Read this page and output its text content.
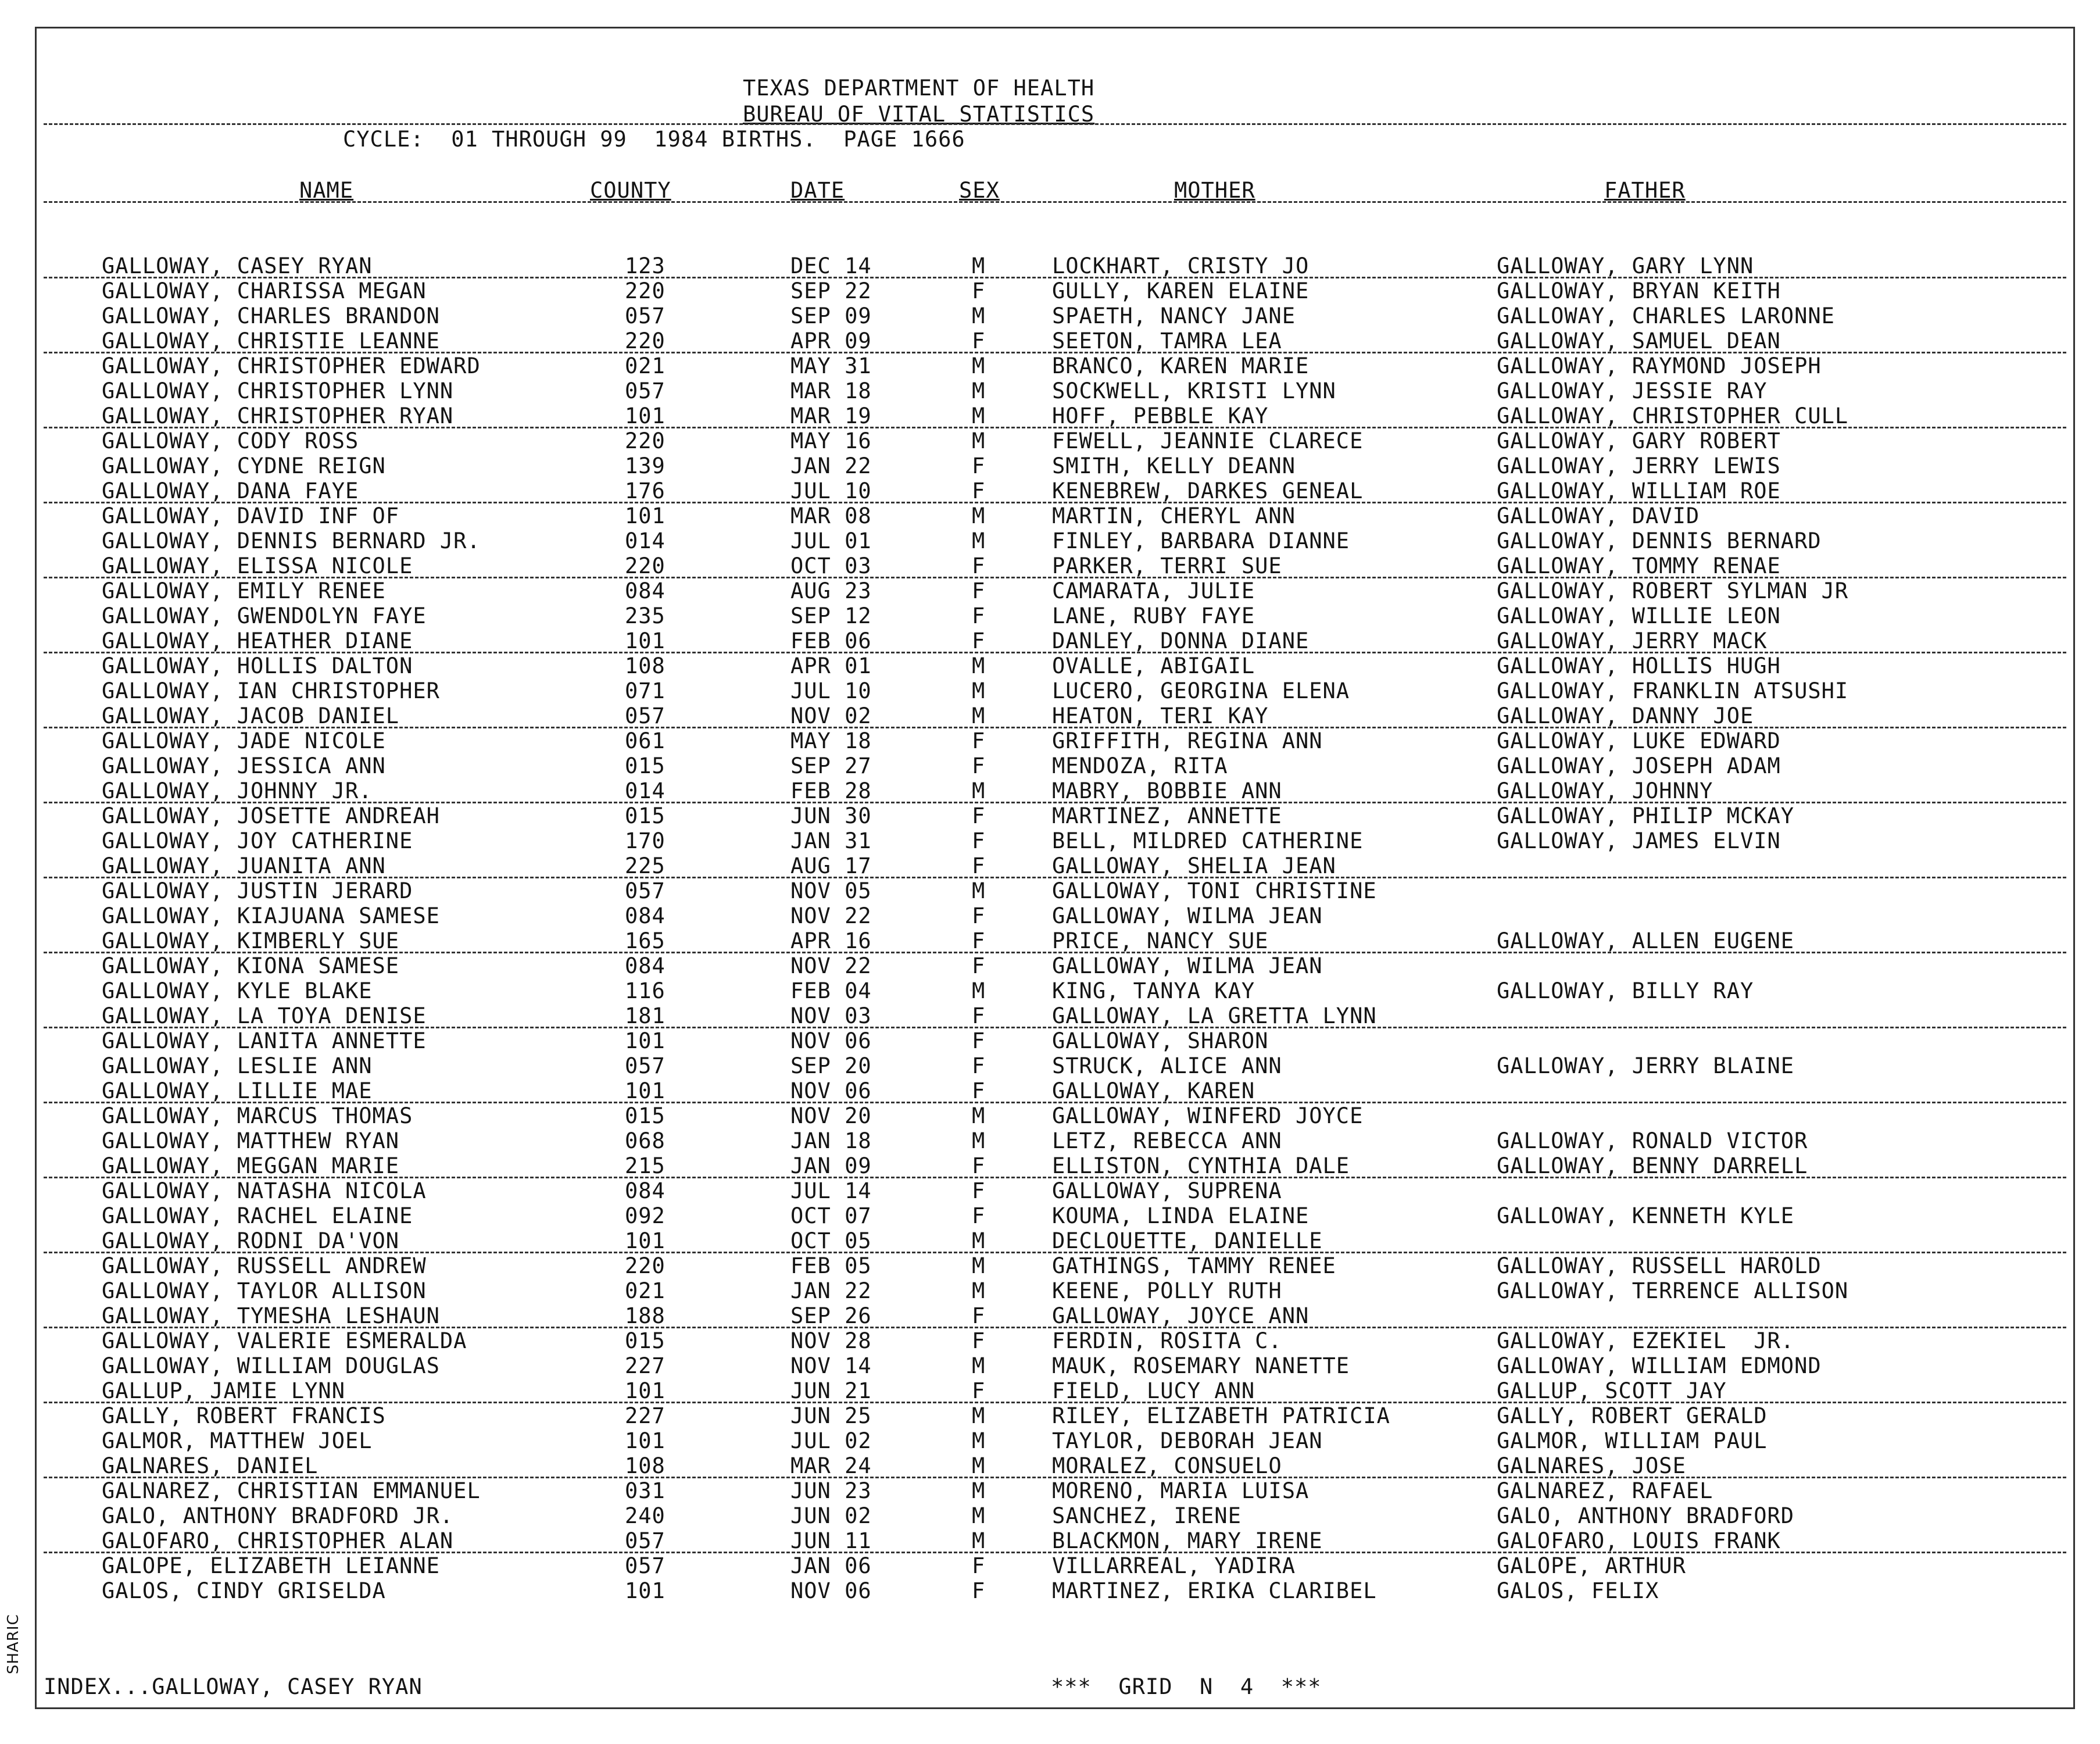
TEXAS DEPARTMENT OF HEALTH
BUREAU OF VITAL STATISTICS
CYCLE:  01 THROUGH 99  1984 BIRTHS.  PAGE 1666
NAME	COUNTY	DATE	SEX	MOTHER	FATHER
GALLOWAY, CASEY RYAN	123	DEC 14	M	LOCKHART, CRISTY JO	GALLOWAY, GARY LYNN
GALLOWAY, CHARISSA MEGAN	220	SEP 22	F	GULLY, KAREN ELAINE	GALLOWAY, BRYAN KEITH
GALLOWAY, CHARLES BRANDON	057	SEP 09	M	SPAETH, NANCY JANE	GALLOWAY, CHARLES LARONNE
GALLOWAY, CHRISTIE LEANNE	220	APR 09	F	SEETON, TAMRA LEA	GALLOWAY, SAMUEL DEAN
GALLOWAY, CHRISTOPHER EDWARD	021	MAY 31	M	BRANCO, KAREN MARIE	GALLOWAY, RAYMOND JOSEPH
GALLOWAY, CHRISTOPHER LYNN	057	MAR 18	M	SOCKWELL, KRISTI LYNN	GALLOWAY, JESSIE RAY
GALLOWAY, CHRISTOPHER RYAN	101	MAR 19	M	HOFF, PEBBLE KAY	GALLOWAY, CHRISTOPHER CULL
GALLOWAY, CODY ROSS	220	MAY 16	M	FEWELL, JEANNIE CLARECE	GALLOWAY, GARY ROBERT
GALLOWAY, CYDNE REIGN	139	JAN 22	F	SMITH, KELLY DEANN	GALLOWAY, JERRY LEWIS
GALLOWAY, DANA FAYE	176	JUL 10	F	KENEBREW, DARKES GENEAL	GALLOWAY, WILLIAM ROE
GALLOWAY, DAVID INF OF	101	MAR 08	M	MARTIN, CHERYL ANN	GALLOWAY, DAVID
GALLOWAY, DENNIS BERNARD JR.	014	JUL 01	M	FINLEY, BARBARA DIANNE	GALLOWAY, DENNIS BERNARD
GALLOWAY, ELISSA NICOLE	220	OCT 03	F	PARKER, TERRI SUE	GALLOWAY, TOMMY RENAE
GALLOWAY, EMILY RENEE	084	AUG 23	F	CAMARATA, JULIE	GALLOWAY, ROBERT SYLMAN JR
GALLOWAY, GWENDOLYN FAYE	235	SEP 12	F	LANE, RUBY FAYE	GALLOWAY, WILLIE LEON
GALLOWAY, HEATHER DIANE	101	FEB 06	F	DANLEY, DONNA DIANE	GALLOWAY, JERRY MACK
GALLOWAY, HOLLIS DALTON	108	APR 01	M	OVALLE, ABIGAIL	GALLOWAY, HOLLIS HUGH
GALLOWAY, IAN CHRISTOPHER	071	JUL 10	M	LUCERO, GEORGINA ELENA	GALLOWAY, FRANKLIN ATSUSHI
GALLOWAY, JACOB DANIEL	057	NOV 02	M	HEATON, TERI KAY	GALLOWAY, DANNY JOE
GALLOWAY, JADE NICOLE	061	MAY 18	F	GRIFFITH, REGINA ANN	GALLOWAY, LUKE EDWARD
GALLOWAY, JESSICA ANN	015	SEP 27	F	MENDOZA, RITA	GALLOWAY, JOSEPH ADAM
GALLOWAY, JOHNNY JR.	014	FEB 28	M	MABRY, BOBBIE ANN	GALLOWAY, JOHNNY
GALLOWAY, JOSETTE ANDREAH	015	JUN 30	F	MARTINEZ, ANNETTE	GALLOWAY, PHILIP MCKAY
GALLOWAY, JOY CATHERINE	170	JAN 31	F	BELL, MILDRED CATHERINE	GALLOWAY, JAMES ELVIN
GALLOWAY, JUANITA ANN	225	AUG 17	F	GALLOWAY, SHELIA JEAN
GALLOWAY, JUSTIN JERARD	057	NOV 05	M	GALLOWAY, TONI CHRISTINE
GALLOWAY, KIAJUANA SAMESE	084	NOV 22	F	GALLOWAY, WILMA JEAN
GALLOWAY, KIMBERLY SUE	165	APR 16	F	PRICE, NANCY SUE	GALLOWAY, ALLEN EUGENE
GALLOWAY, KIONA SAMESE	084	NOV 22	F	GALLOWAY, WILMA JEAN
GALLOWAY, KYLE BLAKE	116	FEB 04	M	KING, TANYA KAY	GALLOWAY, BILLY RAY
GALLOWAY, LA TOYA DENISE	181	NOV 03	F	GALLOWAY, LA GRETTA LYNN
GALLOWAY, LANITA ANNETTE	101	NOV 06	F	GALLOWAY, SHARON
GALLOWAY, LESLIE ANN	057	SEP 20	F	STRUCK, ALICE ANN	GALLOWAY, JERRY BLAINE
GALLOWAY, LILLIE MAE	101	NOV 06	F	GALLOWAY, KAREN
GALLOWAY, MARCUS THOMAS	015	NOV 20	M	GALLOWAY, WINFERD JOYCE
GALLOWAY, MATTHEW RYAN	068	JAN 18	M	LETZ, REBECCA ANN	GALLOWAY, RONALD VICTOR
GALLOWAY, MEGGAN MARIE	215	JAN 09	F	ELLISTON, CYNTHIA DALE	GALLOWAY, BENNY DARRELL
GALLOWAY, NATASHA NICOLA	084	JUL 14	F	GALLOWAY, SUPRENA
GALLOWAY, RACHEL ELAINE	092	OCT 07	F	KOUMA, LINDA ELAINE	GALLOWAY, KENNETH KYLE
GALLOWAY, RODNI DA'VON	101	OCT 05	M	DECLOUETTE, DANIELLE
GALLOWAY, RUSSELL ANDREW	220	FEB 05	M	GATHINGS, TAMMY RENEE	GALLOWAY, RUSSELL HAROLD
GALLOWAY, TAYLOR ALLISON	021	JAN 22	M	KEENE, POLLY RUTH	GALLOWAY, TERRENCE ALLISON
GALLOWAY, TYMESHA LESHAUN	188	SEP 26	F	GALLOWAY, JOYCE ANN
GALLOWAY, VALERIE ESMERALDA	015	NOV 28	F	FERDIN, ROSITA C.	GALLOWAY, EZEKIEL  JR.
GALLOWAY, WILLIAM DOUGLAS	227	NOV 14	M	MAUK, ROSEMARY NANETTE	GALLOWAY, WILLIAM EDMOND
GALLUP, JAMIE LYNN	101	JUN 21	F	FIELD, LUCY ANN	GALLUP, SCOTT JAY
GALLY, ROBERT FRANCIS	227	JUN 25	M	RILEY, ELIZABETH PATRICIA	GALLY, ROBERT GERALD
GALMOR, MATTHEW JOEL	101	JUL 02	M	TAYLOR, DEBORAH JEAN	GALMOR, WILLIAM PAUL
GALNARES, DANIEL	108	MAR 24	M	MORALEZ, CONSUELO	GALNARES, JOSE
GALNAREZ, CHRISTIAN EMMANUEL	031	JUN 23	M	MORENO, MARIA LUISA	GALNAREZ, RAFAEL
GALO, ANTHONY BRADFORD JR.	240	JUN 02	M	SANCHEZ, IRENE	GALO, ANTHONY BRADFORD
GALOFARO, CHRISTOPHER ALAN	057	JUN 11	M	BLACKMON, MARY IRENE	GALOFARO, LOUIS FRANK
GALOPE, ELIZABETH LEIANNE	057	JAN 06	F	VILLARREAL, YADIRA	GALOPE, ARTHUR
GALOS, CINDY GRISELDA	101	NOV 06	F	MARTINEZ, ERIKA CLARIBEL	GALOS, FELIX
INDEX...GALLOWAY, CASEY RYAN	***  GRID  N  4  ***
SHARIC
